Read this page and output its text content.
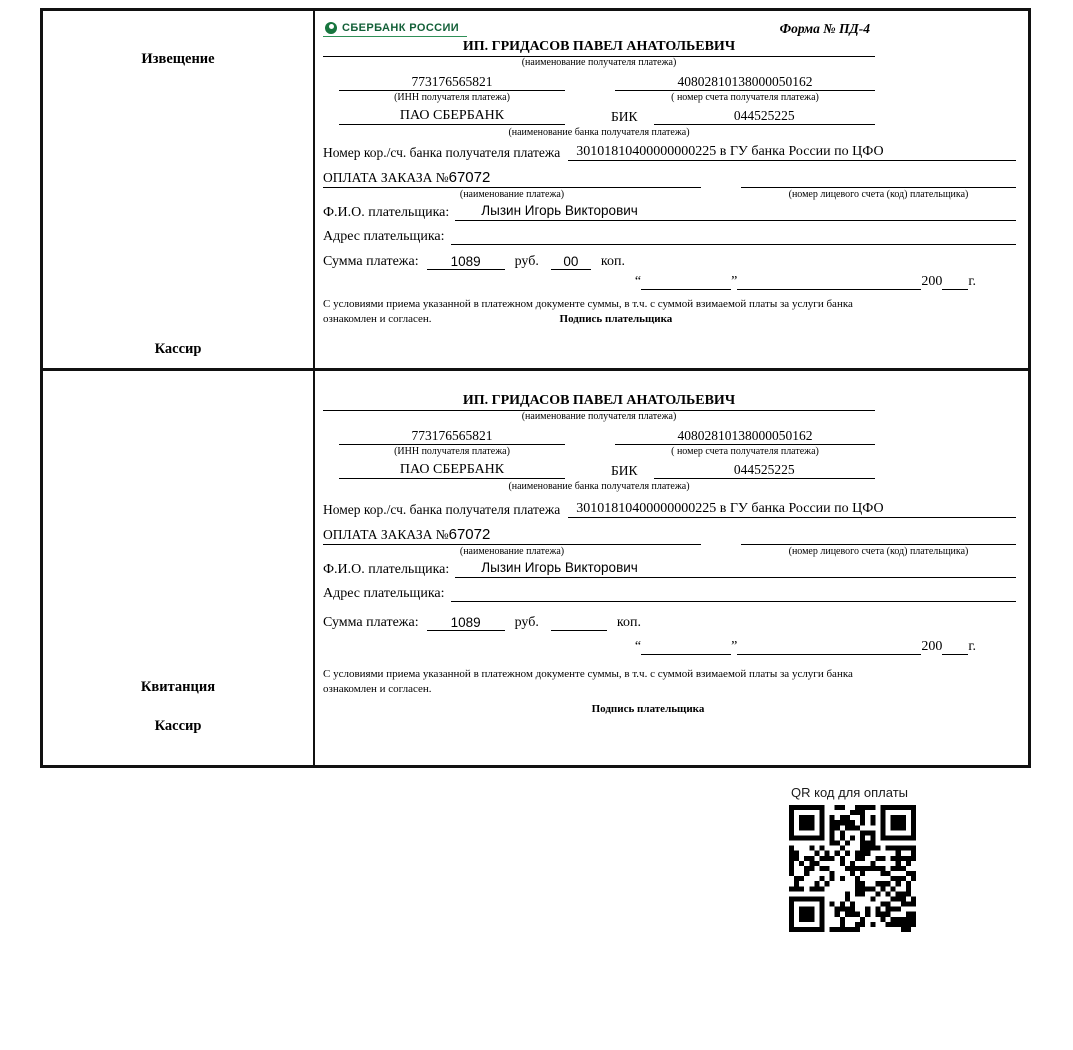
Извещение
Кассир
СБЕРБАНК РОССИИ	Форма № ПД-4
ИП. ГРИДАСОВ ПАВЕЛ АНАТОЛЬЕВИЧ
(наименование получателя платежа)
773176565821	40802810138000050162
(ИНН получателя платежа)	( номер счета получателя платежа)
ПАО СБЕРБАНК	БИК	044525225
(наименование банка получателя платежа)
Номер кор./сч. банка получателя платежа	30101810400000000225 в ГУ банка России по ЦФО
ОПЛАТА ЗАКАЗА №67072
(наименование платежа)	(номер лицевого счета (код) плательщика)
Ф.И.О. плательщика:	Лызин Игорь Викторович
Адрес плательщика:
Сумма платежа:	1089	руб.	00	коп.
“	”	200 г.
С условиями приема указанной в платежном документе суммы, в т.ч. с суммой взимаемой платы за услуги банка
ознакомлен и согласен.	Подпись плательщика
Квитанция
Кассир
ИП. ГРИДАСОВ ПАВЕЛ АНАТОЛЬЕВИЧ
(наименование получателя платежа)
773176565821	40802810138000050162
(ИНН получателя платежа)	( номер счета получателя платежа)
ПАО СБЕРБАНК	БИК	044525225
(наименование банка получателя платежа)
Номер кор./сч. банка получателя платежа	30101810400000000225 в ГУ банка России по ЦФО
ОПЛАТА ЗАКАЗА №67072
(наименование платежа)	(номер лицевого счета (код) плательщика)
Ф.И.О. плательщика:	Лызин Игорь Викторович
Адрес плательщика:
Сумма платежа:	1089	руб.	коп.
“	”	200 г.
С условиями приема указанной в платежном документе суммы, в т.ч. с суммой взимаемой платы за услуги банка
ознакомлен и согласен.
Подпись плательщика
QR код для оплаты
